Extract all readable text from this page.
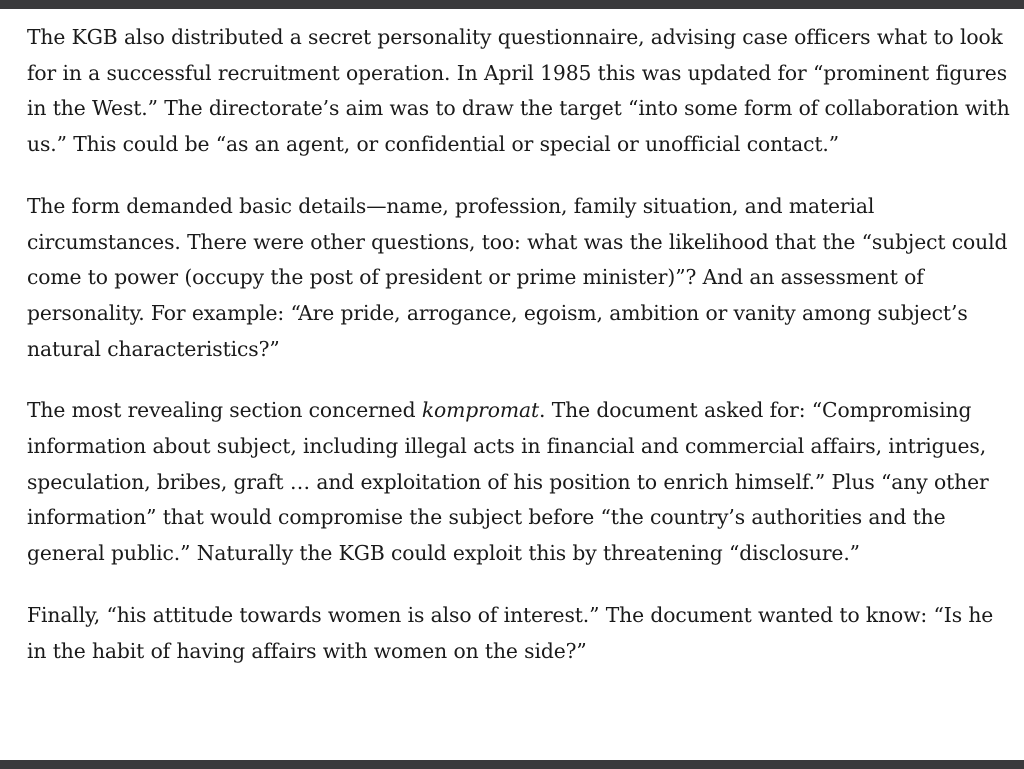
The KGB also distributed a secret personality questionnaire, advising case officers what to look for in a successful recruitment operation. In April 1985 this was updated for “prominent figures in the West.” The directorate’s aim was to draw the target “into some form of collaboration with us.” This could be “as an agent, or confidential or special or unofficial contact.”

The form demanded basic details—name, profession, family situation, and material circumstances. There were other questions, too: what was the likelihood that the “subject could come to power (occupy the post of president or prime minister)”? And an assessment of personality. For example: “Are pride, arrogance, egoism, ambition or vanity among subject’s natural characteristics?”

The most revealing section concerned kompromat. The document asked for: “Compromising information about subject, including illegal acts in financial and commercial affairs, intrigues, speculation, bribes, graft … and exploitation of his position to enrich himself.” Plus “any other information” that would compromise the subject before “the country’s authorities and the general public.” Naturally the KGB could exploit this by threatening “disclosure.”

Finally, “his attitude towards women is also of interest.” The document wanted to know: “Is he in the habit of having affairs with women on the side?”
